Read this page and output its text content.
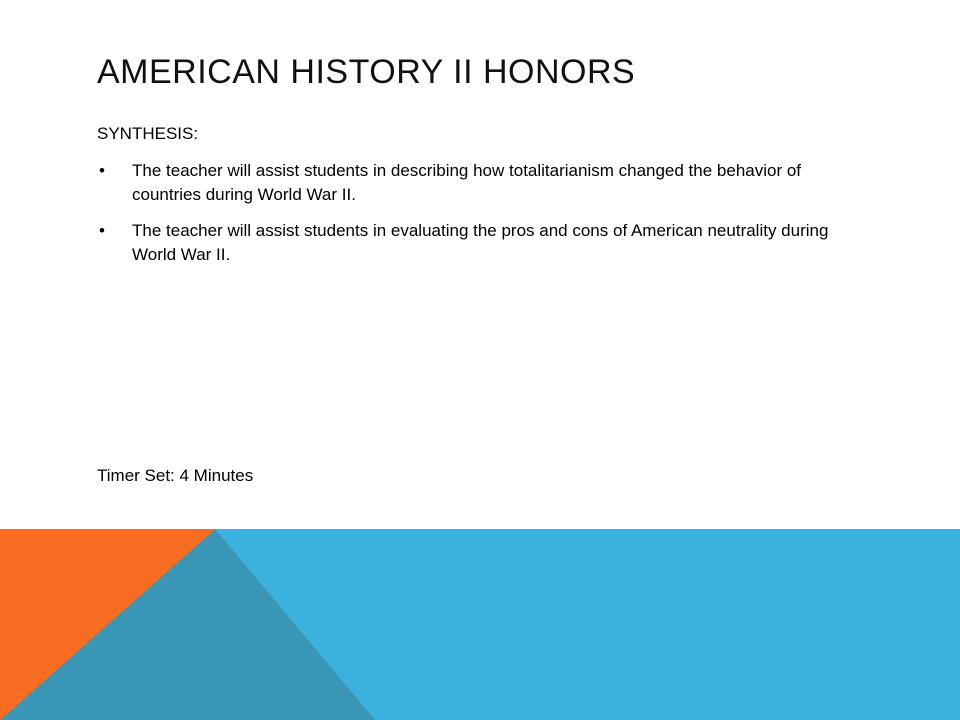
AMERICAN HISTORY II HONORS

SYNTHESIS:

• The teacher will assist students in describing how totalitarianism changed the behavior of countries during World War II.
• The teacher will assist students in evaluating the pros and cons of American neutrality during World War II.
Timer Set: 4 Minutes
